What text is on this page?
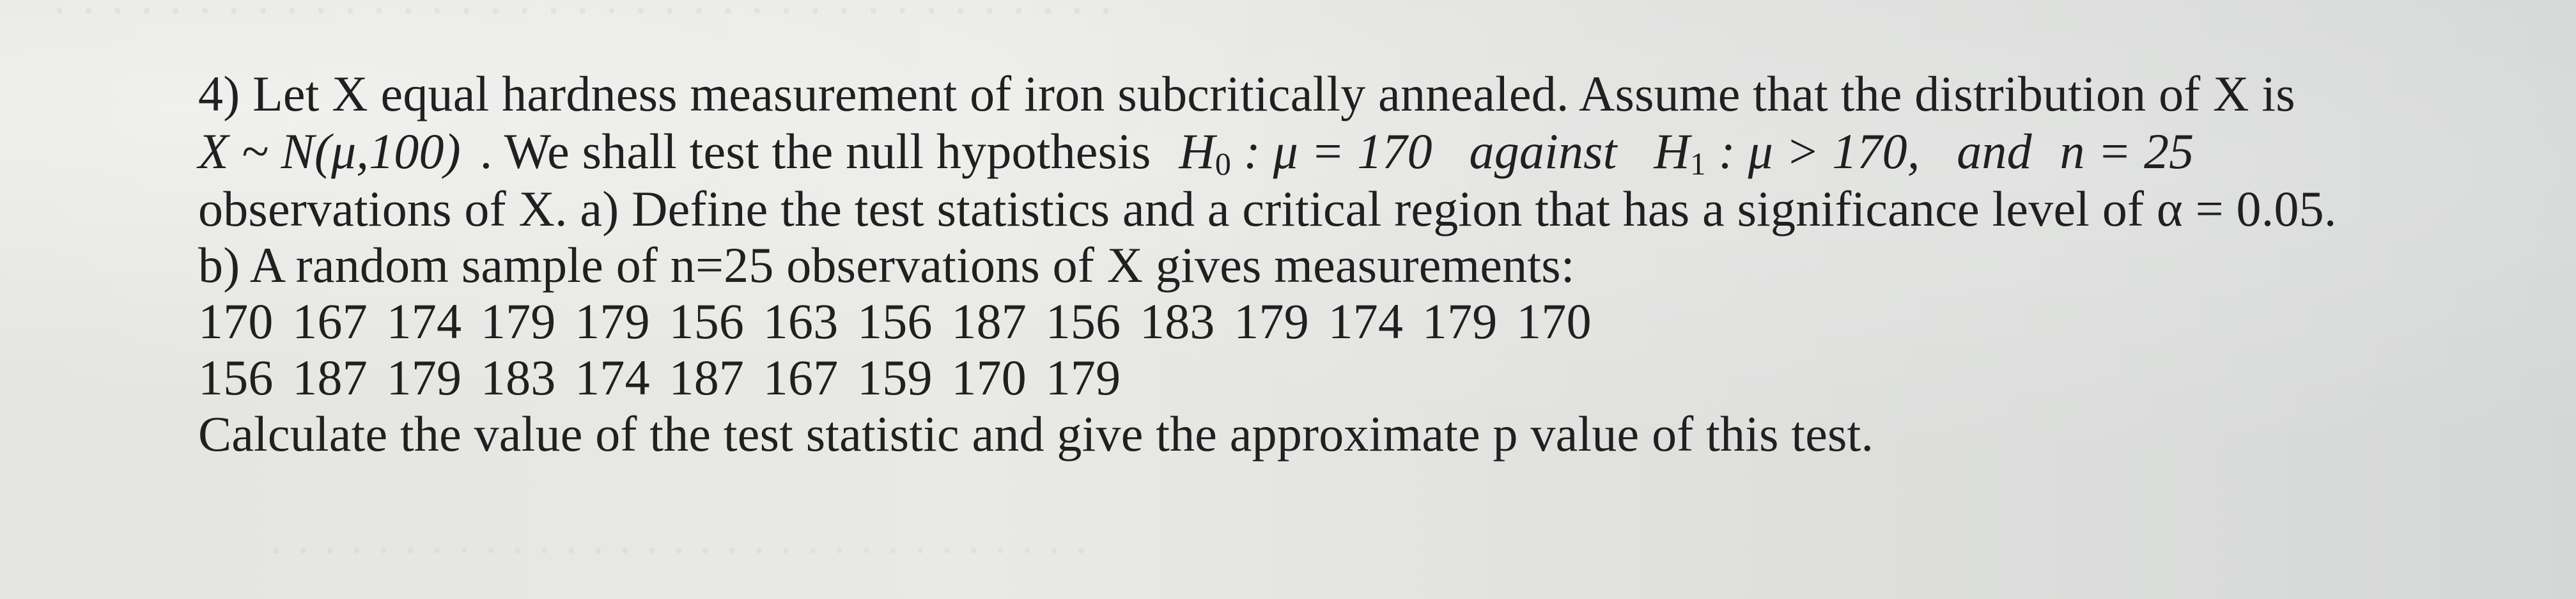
· · · · · · · · · · · · · · · · · · · · · · · · · · · · · · · · · · · · ·
· · · · · · · · · · · · · · · · · · · · · · · · · · · · · · ·
4) Let X equal hardness measurement of iron subcritically annealed. Assume that the distribution of X is
X ~ N(μ,100) . We shall test the null hypothesis $H_0$ : μ = 170 against $H_1$ : μ > 170, and n = 25
observations of X. a) Define the test statistics and a critical region that has a significance level of α = 0.05.
b) A random sample of n=25 observations of X gives measurements:
170 167 174 179 179 156 163 156 187 156 183 179 174 179 170
156 187 179 183 174 187 167 159 170 179
Calculate the value of the test statistic and give the approximate p value of this test.
